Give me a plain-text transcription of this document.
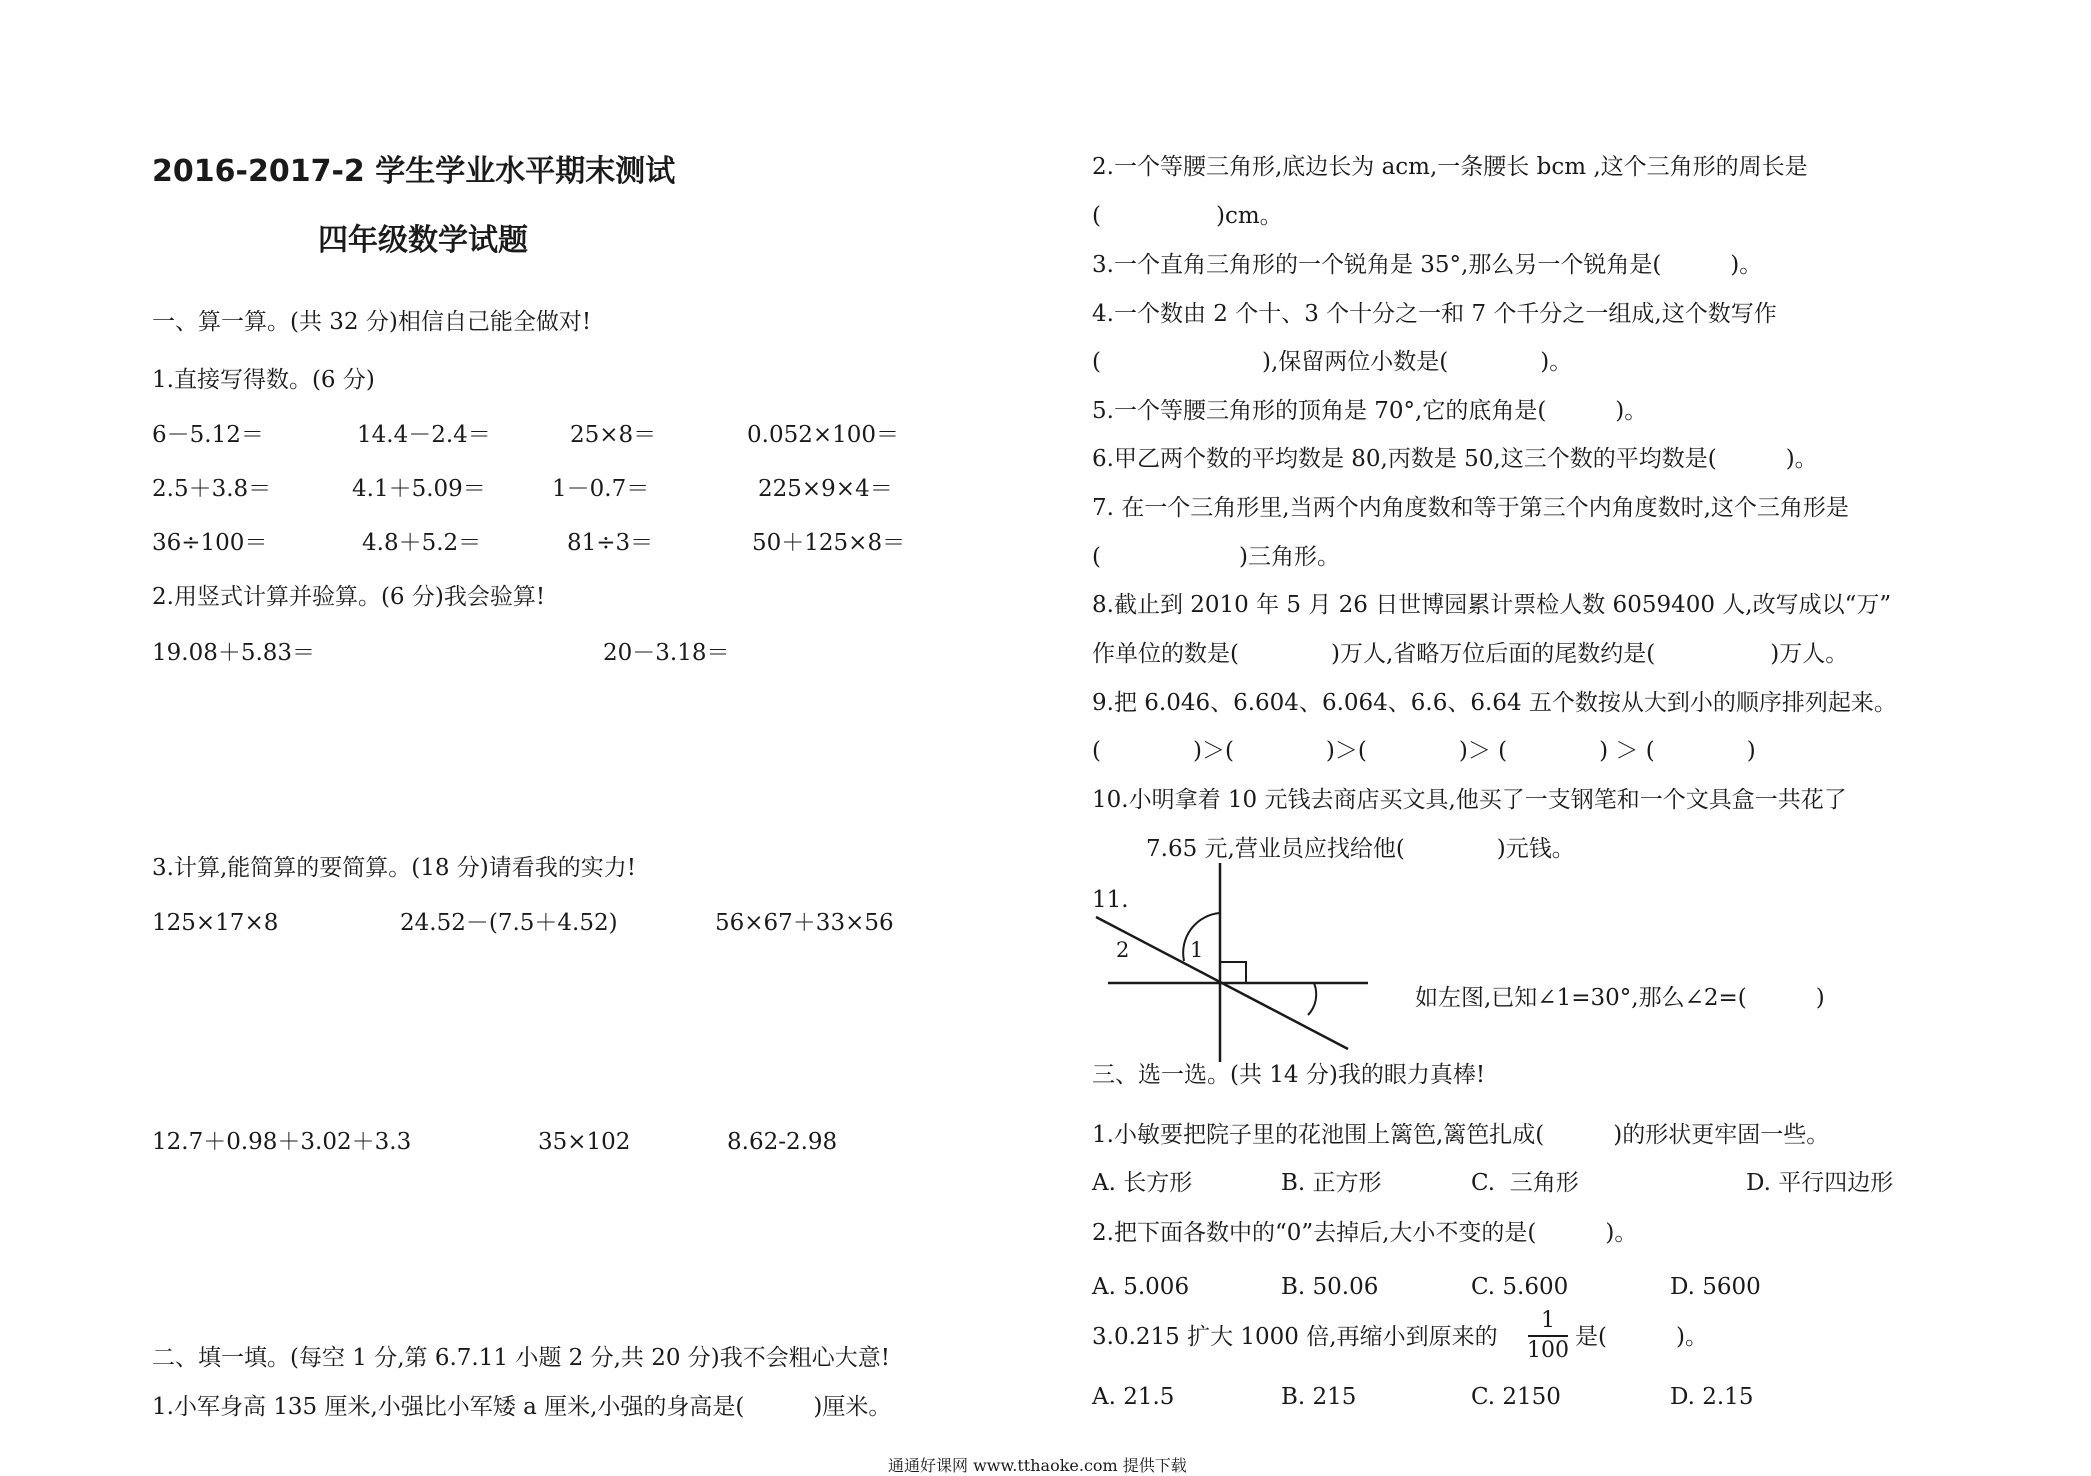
2016-2017-2 学生学业水平期末测试
四年级数学试题
一、算一算。(共 32 分)相信自己能全做对!
1.直接写得数。(6 分)
6－5.12＝	14.4－2.4＝	25×8＝	0.052×100＝
2.5＋3.8＝	4.1＋5.09＝	1－0.7＝	225×9×4＝
36÷100＝	4.8＋5.2＝	81÷3＝	50＋125×8＝
2.用竖式计算并验算。(6 分)我会验算!
19.08＋5.83＝	20－3.18＝
3.计算,能简算的要简算。(18 分)请看我的实力!
125×17×8	24.52－(7.5＋4.52)	56×67＋33×56
12.7＋0.98＋3.02＋3.3	35×102	8.62-2.98
二、填一填。(每空 1 分,第 6.7.11 小题 2 分,共 20 分)我不会粗心大意!
1.小军身高 135 厘米,小强比小军矮 a 厘米,小强的身高是(　　　)厘米。
2.一个等腰三角形,底边长为 acm,一条腰长 bcm ,这个三角形的周长是
(　　　　　)cm。
3.一个直角三角形的一个锐角是 35°,那么另一个锐角是(　　　)。
4.一个数由 2 个十、3 个十分之一和 7 个千分之一组成,这个数写作
(　　　　　　　),保留两位小数是(　　　　)。
5.一个等腰三角形的顶角是 70°,它的底角是(　　　)。
6.甲乙两个数的平均数是 80,丙数是 50,这三个数的平均数是(　　　)。
7. 在一个三角形里,当两个内角度数和等于第三个内角度数时,这个三角形是
(　　　　　　)三角形。
8.截止到 2010 年 5 月 26 日世博园累计票检人数 6059400 人,改写成以“万”
作单位的数是(　　　　)万人,省略万位后面的尾数约是(　　　　　)万人。
9.把 6.046、6.604、6.064、6.6、6.64 五个数按从大到小的顺序排列起来。
(　　　　)＞(　　　　)＞(　　　　)＞ (　　　　) ＞ (　　　　)
10.小明拿着 10 元钱去商店买文具,他买了一支钢笔和一个文具盒一共花了
7.65 元,营业员应找给他(　　　　)元钱。
11.
1
2
如左图,已知∠1=30°,那么∠2=(　　　)
三、选一选。(共 14 分)我的眼力真棒!
1.小敏要把院子里的花池围上篱笆,篱笆扎成(　　　)的形状更牢固一些。
A. 长方形	B. 正方形	C.  三角形	D. 平行四边形
2.把下面各数中的“0”去掉后,大小不变的是(　　　)。
A. 5.006	B. 50.06	C. 5.600	D. 5600
3.0.215 扩大 1000 倍,再缩小到原来的
1
100
是(　　　)。
A. 21.5	B. 215	C. 2150	D. 2.15
通通好课网 www.tthaoke.com 提供下载
